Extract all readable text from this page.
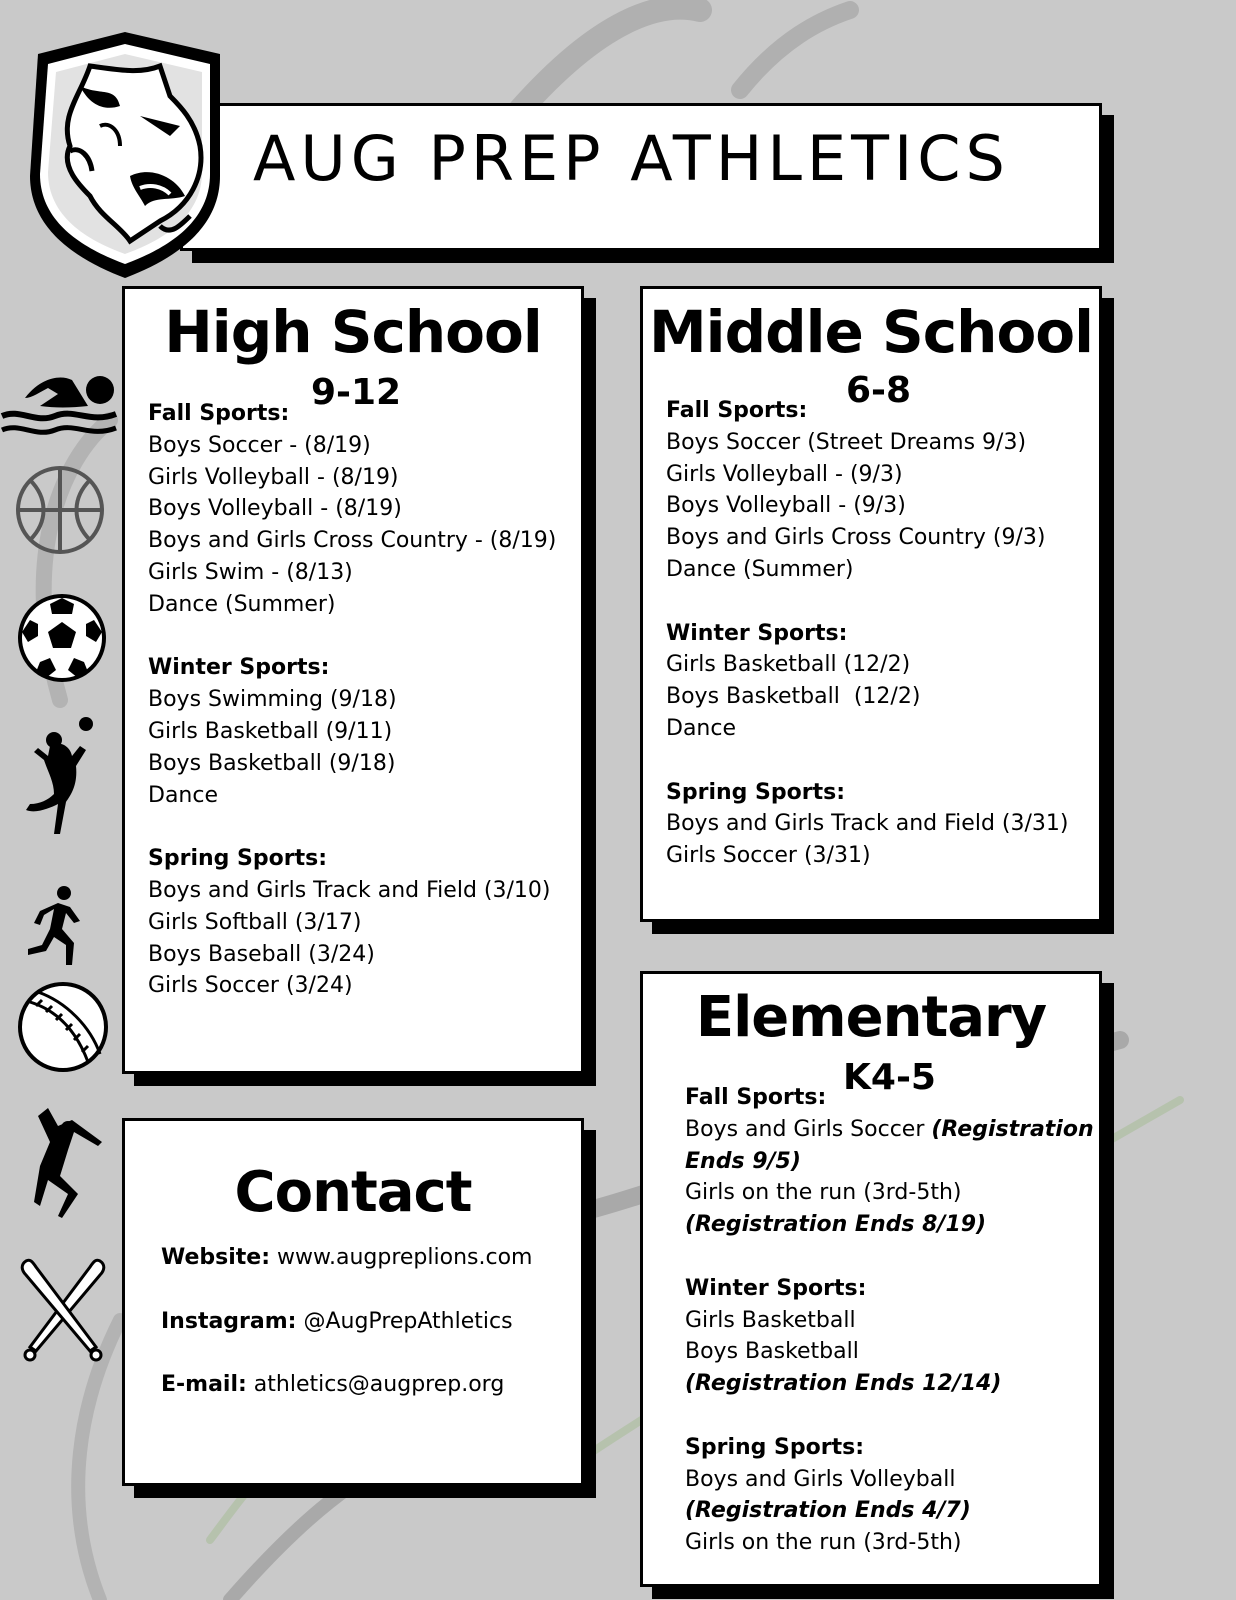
AUG PREP ATHLETICS
High School
9-12
Fall Sports:
Boys Soccer - (8/19)
Girls Volleyball - (8/19)
Boys Volleyball - (8/19)
Boys and Girls Cross Country - (8/19)
Girls Swim - (8/13)
Dance (Summer)
Winter Sports:
Boys Swimming (9/18)
Girls Basketball (9/11)
Boys Basketball (9/18)
Dance
Spring Sports:
Boys and Girls Track and Field (3/10)
Girls Softball (3/17)
Boys Baseball (3/24)
Girls Soccer (3/24)
Middle School
6-8
Fall Sports:
Boys Soccer (Street Dreams 9/3)
Girls Volleyball - (9/3)
Boys Volleyball - (9/3)
Boys and Girls Cross Country (9/3)
Dance (Summer)
Winter Sports:
Girls Basketball (12/2)
Boys Basketball  (12/2)
Dance
Spring Sports:
Boys and Girls Track and Field (3/31)
Girls Soccer (3/31)
Contact
Website: www.augpreplions.com
Instagram: @AugPrepAthletics
E-mail: athletics@augprep.org
Elementary
K4-5
Fall Sports:
Boys and Girls Soccer (Registration
Ends 9/5)
Girls on the run (3rd-5th)
(Registration Ends 8/19)
Winter Sports:
Girls Basketball
Boys Basketball
(Registration Ends 12/14)
Spring Sports:
Boys and Girls Volleyball
(Registration Ends 4/7)
Girls on the run (3rd-5th)
